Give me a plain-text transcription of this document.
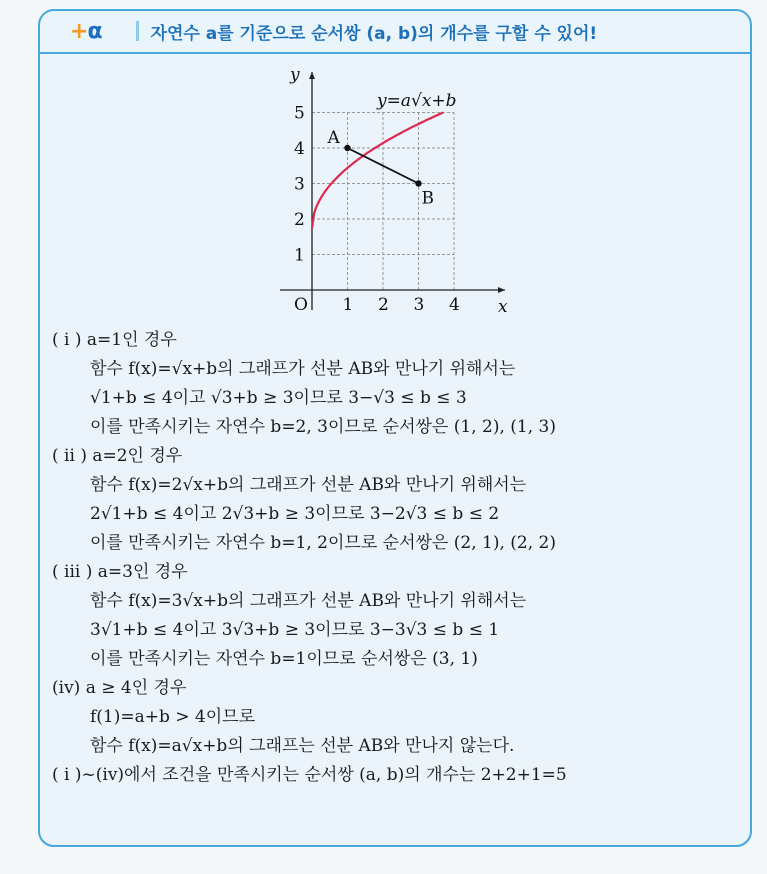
+α	자연수 a를 기준으로 순서쌍 (a, b)의 개수를 구할 수 있어!
A
B
1 2 3 4
1
2
3
4
5
O	x
y
y=a√x+b
( i ) a=1인 경우
함수 f(x)=√x+b의 그래프가 선분 AB와 만나기 위해서는
√1+b ≤ 4이고 √3+b ≥ 3이므로 3−√3 ≤ b ≤ 3
이를 만족시키는 자연수 b=2, 3이므로 순서쌍은 (1, 2), (1, 3)
( ii ) a=2인 경우
함수 f(x)=2√x+b의 그래프가 선분 AB와 만나기 위해서는
2√1+b ≤ 4이고 2√3+b ≥ 3이므로 3−2√3 ≤ b ≤ 2
이를 만족시키는 자연수 b=1, 2이므로 순서쌍은 (2, 1), (2, 2)
( iii ) a=3인 경우
함수 f(x)=3√x+b의 그래프가 선분 AB와 만나기 위해서는
3√1+b ≤ 4이고 3√3+b ≥ 3이므로 3−3√3 ≤ b ≤ 1
이를 만족시키는 자연수 b=1이므로 순서쌍은 (3, 1)
(iv) a ≥ 4인 경우
f(1)=a+b > 4이므로
함수 f(x)=a√x+b의 그래프는 선분 AB와 만나지 않는다.
( i )~(iv)에서 조건을 만족시키는 순서쌍 (a, b)의 개수는 2+2+1=5
